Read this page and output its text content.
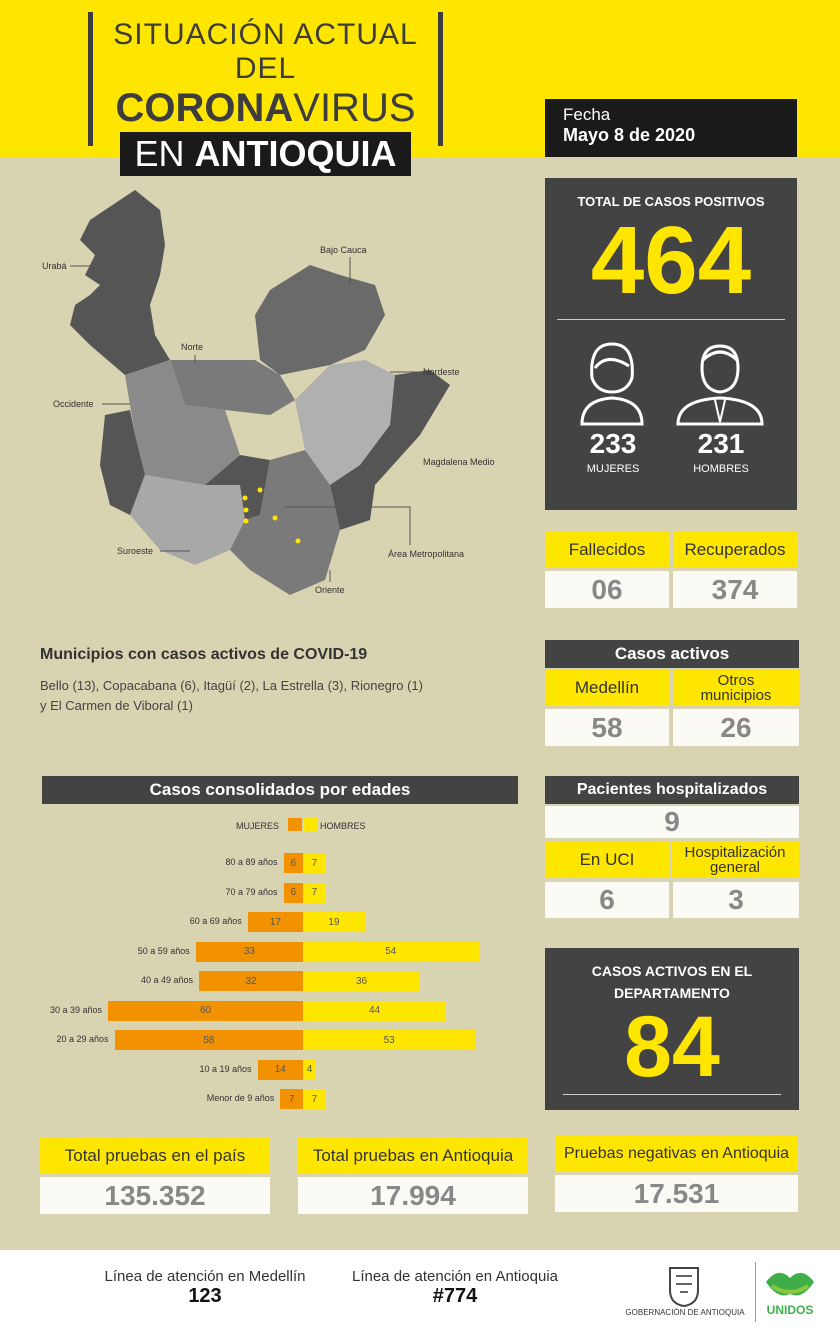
SITUACIÓN ACTUAL DEL
CORONAVIRUS
EN ANTIOQUIA
Fecha
Mayo 8 de 2020
Urabá
Bajo Cauca
Norte
Nordeste
Occidente
Magdalena Medio
Suroeste	Área Metropolitana
Oriente
TOTAL DE CASOS POSITIVOS
464
233
MUJERES
231
HOMBRES
Fallecidos Recuperados
06	374
Municipios con casos activos de COVID-19
Bello (13), Copacabana (6), Itagüí (2), La Estrella (3), Rionegro (1)
y El Carmen de Viboral (1)
Casos activos
Medellín	Otros
municipios
58	26
Pacientes hospitalizados
9
En UCI	Hospitalización
general
6	3
CASOS ACTIVOS EN EL
DEPARTAMENTO
84
Casos consolidados por edades
MUJERES	HOMBRES
80 a 89 años	6	7
70 a 79 años	6	7
60 a 69 años	17	19
50 a 59 años	33	54
40 a 49 años	32	36
30 a 39 años	60	44
20 a 29 años	58	53
10 a 19 años	14	4
Menor de 9 años	7	7
Total pruebas en el país
135.352
Total pruebas en Antioquia
17.994
Pruebas negativas en Antioquia
17.531
Línea de atención en Medellín
123
Línea de atención en Antioquia
#774
GOBERNACIÓN DE ANTIOQUIA	UNIDOS
